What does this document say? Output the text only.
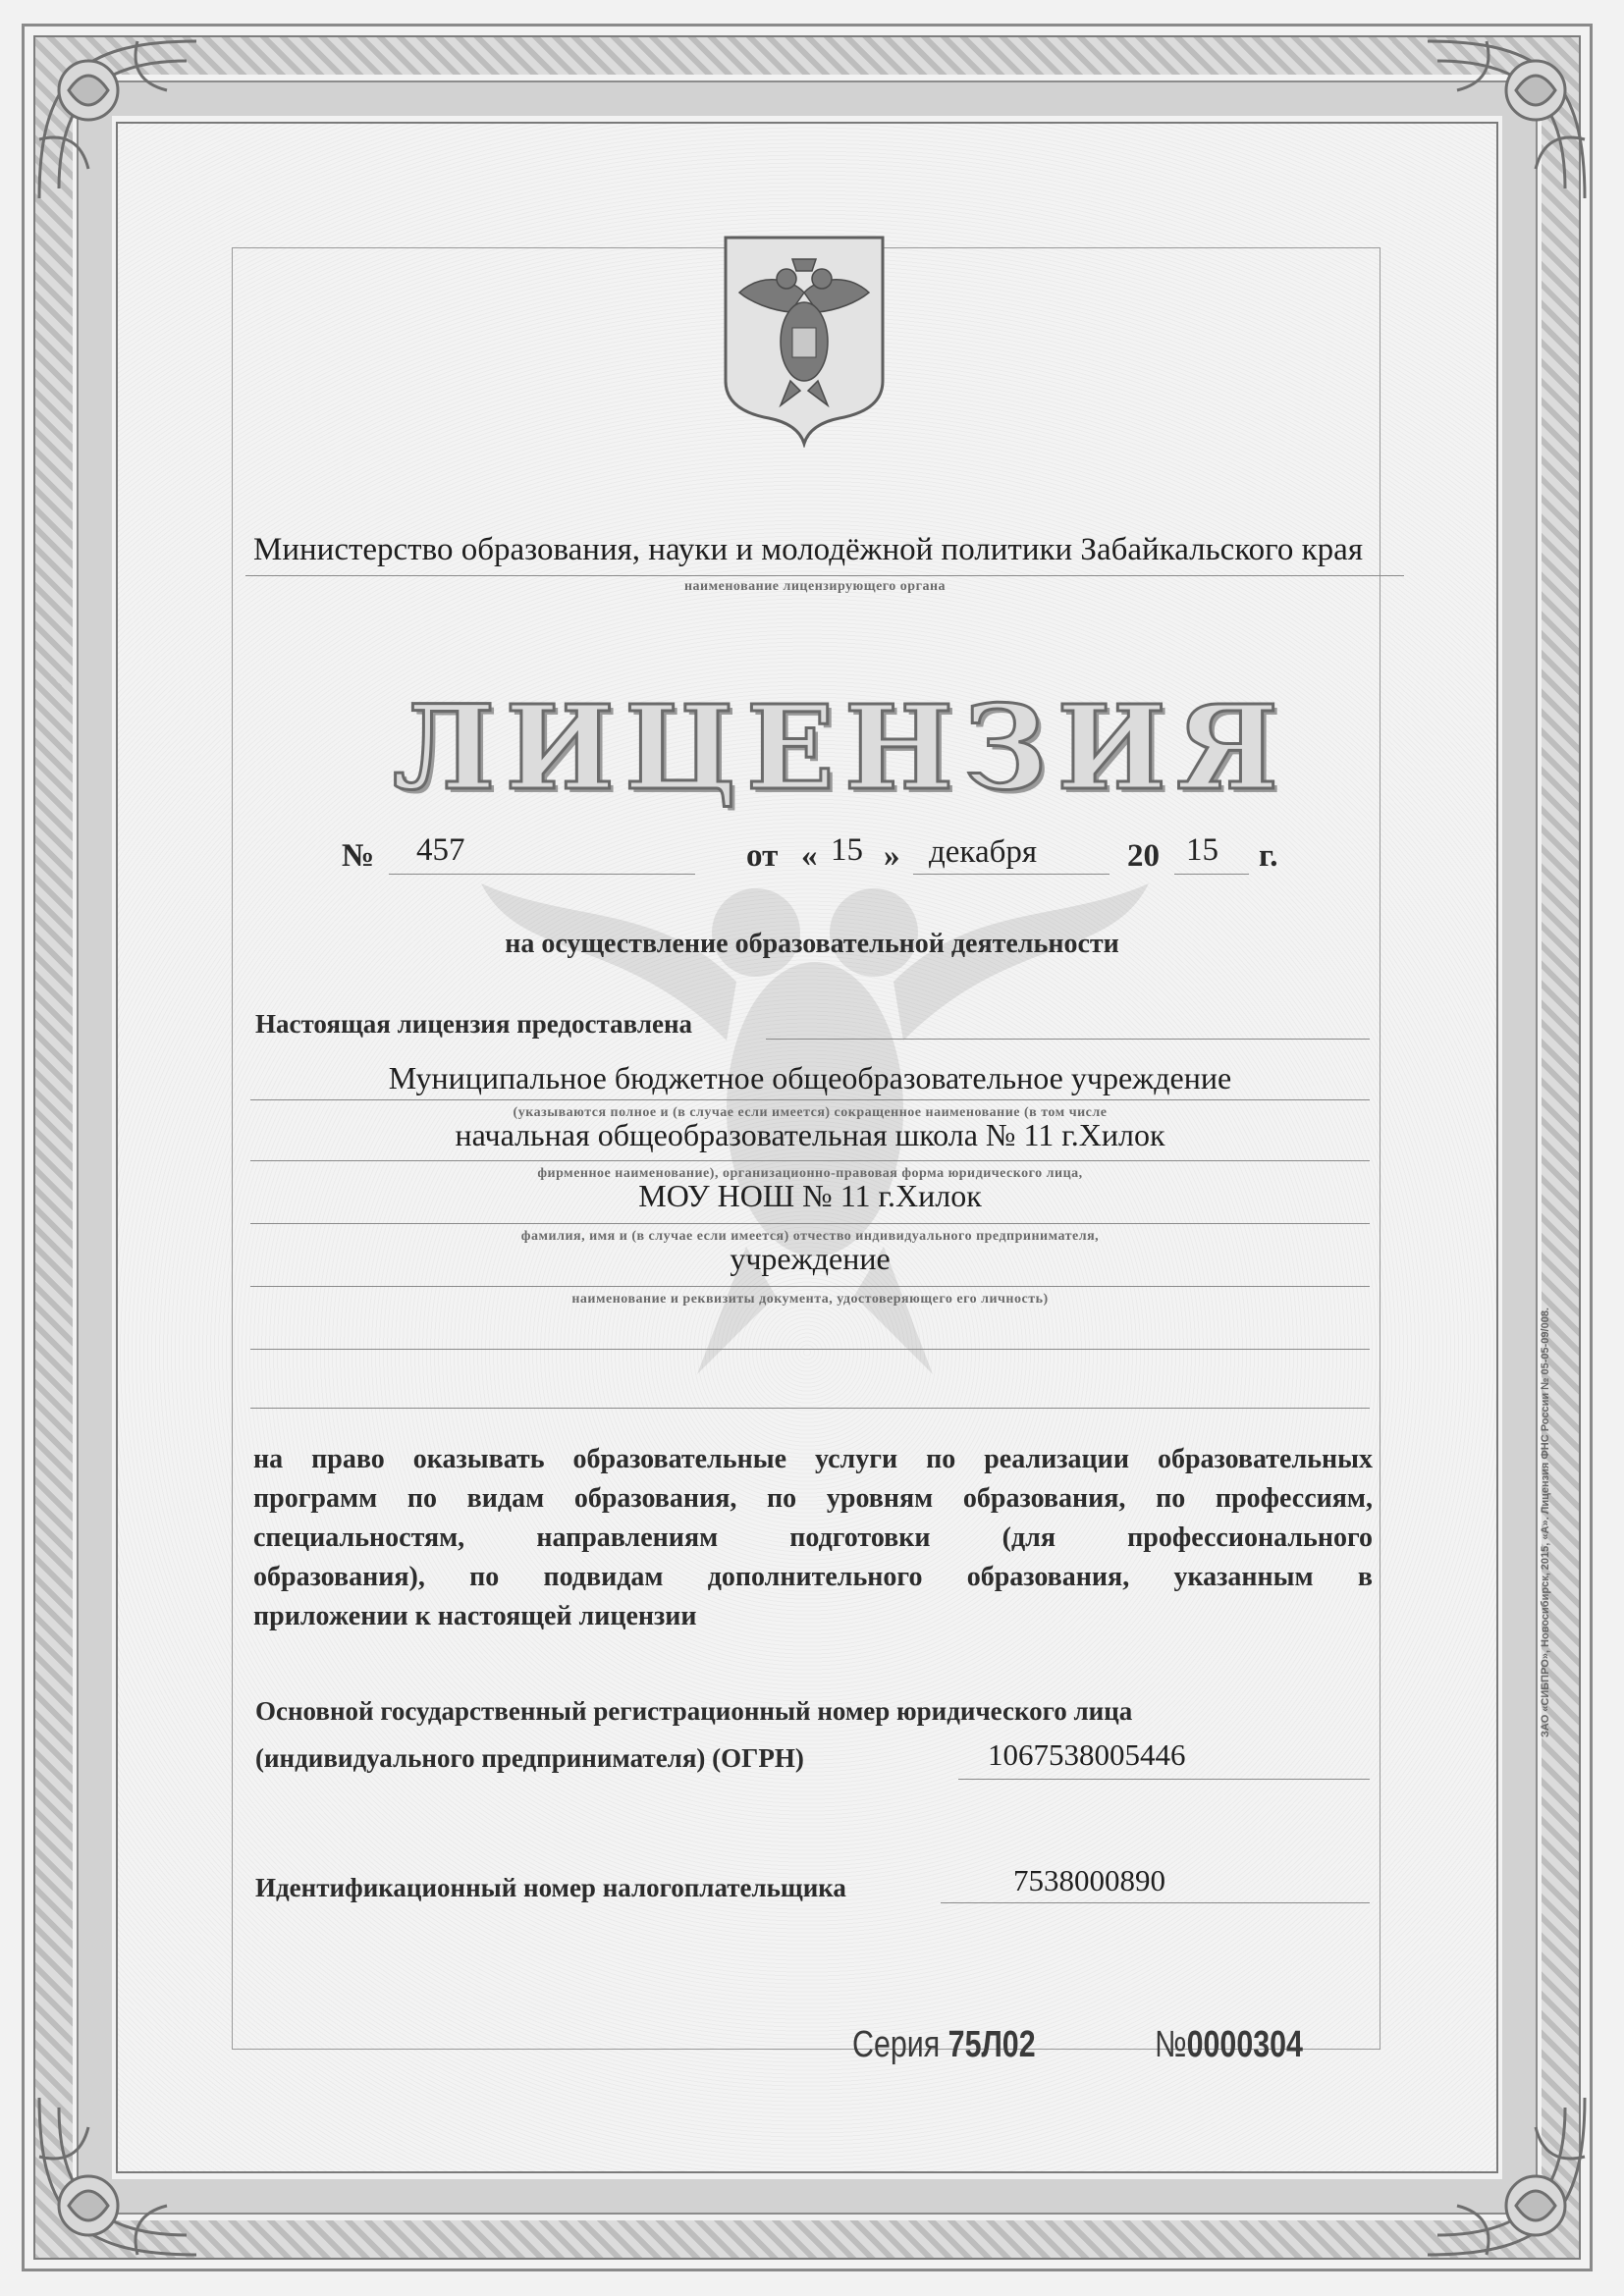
Министерство образования, науки и молодёжной политики Забайкальского края
наименование лицензирующего органа
ЛИЦЕНЗИЯ
№ 457	от « 15 » декабря	20 15 г.
на осуществление образовательной деятельности
Настоящая лицензия предоставлена
Муниципальное бюджетное общеобразовательное учреждение
(указываются полное и (в случае если имеется) сокращенное наименование (в том числе
начальная общеобразовательная школа № 11 г.Хилок
фирменное наименование), организационно-правовая форма юридического лица,
МОУ НОШ № 11 г.Хилок
фамилия, имя и (в случае если имеется) отчество индивидуального предпринимателя,
учреждение
наименование и реквизиты документа, удостоверяющего его личность)
на право оказывать образовательные услуги по реализации образовательных
программ по видам образования, по уровням образования, по профессиям,
специальностям, направлениям подготовки (для профессионального
образования), по подвидам дополнительного образования, указанным в
приложении к настоящей лицензии
Основной государственный регистрационный номер юридического лица
(индивидуального предпринимателя) (ОГРН)	1067538005446
Идентификационный номер налогоплательщика	7538000890
Серия 75Л02	№0000304
ЗАО «СИБПРО», Новосибирск, 2015, «А». Лицензия ФНС России № 05-05-09/008.
